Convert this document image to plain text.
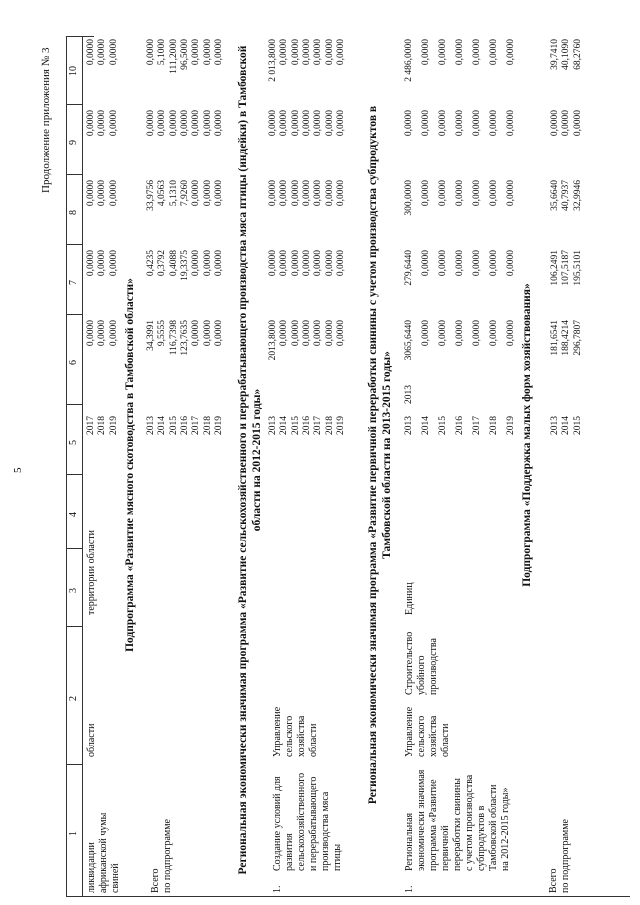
5
Продолжение приложения № 3
1
2
3
4
5
6
7
8
9
10
ликвидации
африканской чумы
свиней
области
территории области
2017 2018 2019
0,0000 0,0000 0,0000
0,0000 0,0000 0,0000
0,0000 0,0000 0,0000
0,0000 0,0000 0,0000
0,0000 0,0000 0,0000
Подпрограмма «Развитие мясного скотоводства в Тамбовской области»
Всего
по подпрограмме
2013 2014 2015 2016 2017 2018 2019
34,3991 9,5555 116,7398 123,7635 0,0000 0,0000 0,0000
0,4235 0,3792 0,4088 19,3375 0,0000 0,0000 0,0000
33,9756 4,0563 5,1310 7,9260 0,0000 0,0000 0,0000
0,0000 0,0000 0,0000 0,0000 0,0000 0,0000 0,0000
0,0000 5,1000 111,2000 96,5000 0,0000 0,0000 0,0000 Региональная экономически значимая программа «Развитие сельскохозяйственного и перерабатывающего производства мяса птицы (индейки) в Тамбовской области на 2012-2015 годы»
1.
Создание условий для
развития
сельскохозяйственного
и перерабатывающего
производства мяса
птицы
Управление
сельского
хозяйства
области
2013 2014 2015 2016 2017 2018 2019
2013,8000 0,0000 0,0000 0,0000 0,0000 0,0000 0,0000
0,0000 0,0000 0,0000 0,0000 0,0000 0,0000 0,0000
0,0000 0,0000 0,0000 0,0000 0,0000 0,0000 0,0000
0,0000 0,0000 0,0000 0,0000 0,0000 0,0000 0,0000
2 013,8000 0,0000 0,0000 0,0000 0,0000 0,0000 0,0000
Региональная экономически значимая программа «Развитие первичной переработки свинины с учетом производства субпродуктов в Тамбовской области на 2013-2015 годы»
1.
Региональная
экономически значимая
программа «Развитие
первичной
переработки свинины
с учетом производства
субпродуктов в
Тамбовской области
на 2012-2015 годы»
Управление
сельского
хозяйства
области
Строительство
убойного
производства
Единиц
2013 2014 2015 2016 2017 2018 2019
2013
3065,6440 0,0000 0,0000 0,0000 0,0000 0,0000 0,0000
279,6440 0,0000 0,0000 0,0000 0,0000 0,0000 0,0000
300,0000 0,0000 0,0000 0,0000 0,0000 0,0000 0,0000
0,0000 0,0000 0,0000 0,0000 0,0000 0,0000 0,0000
2 486,0000 0,0000 0,0000 0,0000 0,0000 0,0000 0,0000
Подпрограмма «Поддержка малых форм хозяйствования»
Всего
по подпрограмме
2013 2014 2015
181,6541 188,4214 296,7807
106,2491 107,5187 195,5101
35,6640 40,7937 32,9946
0,0000 0,0000 0,0000
39,7410 40,1090 68,2760
